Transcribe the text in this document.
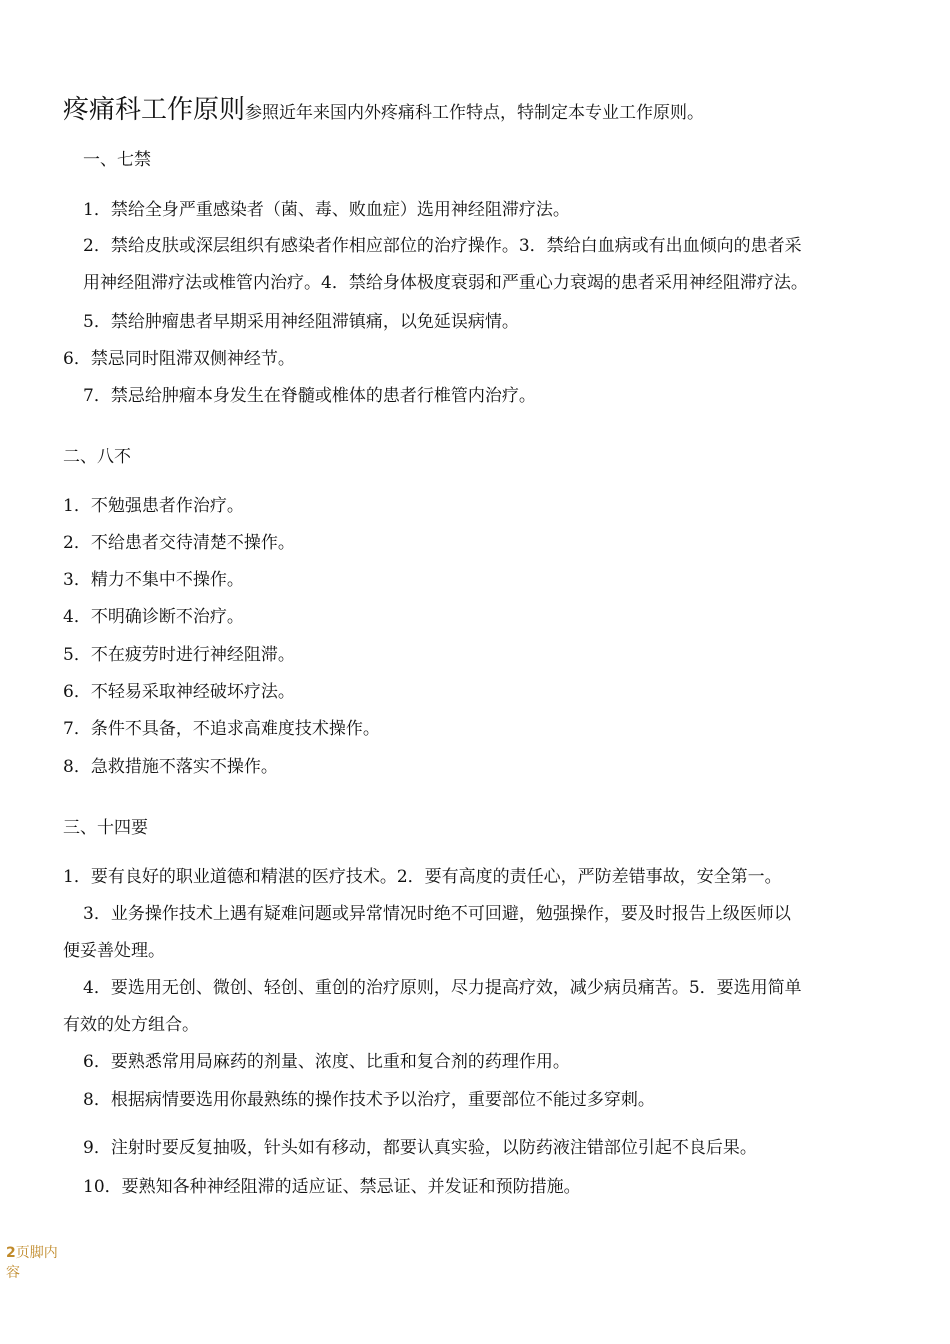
疼痛科工作原则参照近年来国内外疼痛科工作特点，特制定本专业工作原则。
一、七禁
1．禁给全身严重感染者（菌、毒、败血症）选用神经阻滞疗法。
2．禁给皮肤或深层组织有感染者作相应部位的治疗操作。3．禁给白血病或有出血倾向的患者采
用神经阻滞疗法或椎管内治疗。4．禁给身体极度衰弱和严重心力衰竭的患者采用神经阻滞疗法。
5．禁给肿瘤患者早期采用神经阻滞镇痛，以免延误病情。
6．禁忌同时阻滞双侧神经节。
7．禁忌给肿瘤本身发生在脊髓或椎体的患者行椎管内治疗。
二、八不
1．不勉强患者作治疗。
2．不给患者交待清楚不操作。
3．精力不集中不操作。
4．不明确诊断不治疗。
5．不在疲劳时进行神经阻滞。
6．不轻易采取神经破坏疗法。
7．条件不具备，不追求高难度技术操作。
8．急救措施不落实不操作。
三、十四要
1．要有良好的职业道德和精湛的医疗技术。2．要有高度的责任心，严防差错事故，安全第一。
3．业务操作技术上遇有疑难问题或异常情况时绝不可回避，勉强操作，要及时报告上级医师以
便妥善处理。
4．要选用无创、微创、轻创、重创的治疗原则，尽力提高疗效，减少病员痛苦。5．要选用简单
有效的处方组合。
6．要熟悉常用局麻药的剂量、浓度、比重和复合剂的药理作用。
8．根据病情要选用你最熟练的操作技术予以治疗，重要部位不能过多穿刺。
9．注射时要反复抽吸，针头如有移动，都要认真实验，以防药液注错部位引起不良后果。
10．要熟知各种神经阻滞的适应证、禁忌证、并发证和预防措施。
2页脚内容
